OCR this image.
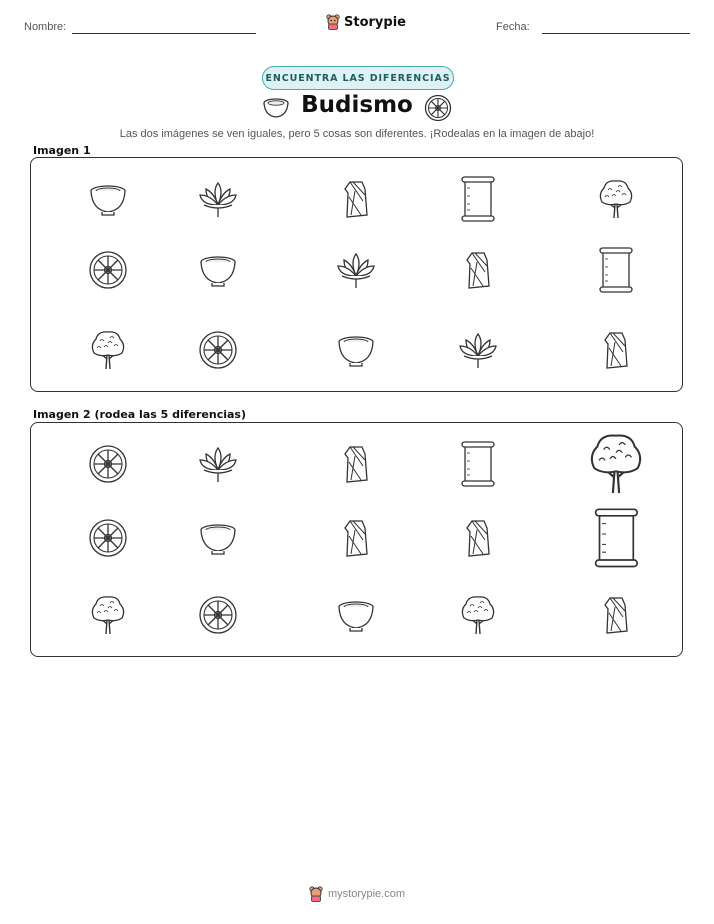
Nombre:	Storypie	Fecha:
ENCUENTRA LAS DIFERENCIAS
Budismo
Las dos imágenes se ven iguales, pero 5 cosas son diferentes. ¡Rodealas en la imagen de abajo!
Imagen 1
Imagen 2 (rodea las 5 diferencias)
mystorypie.com
